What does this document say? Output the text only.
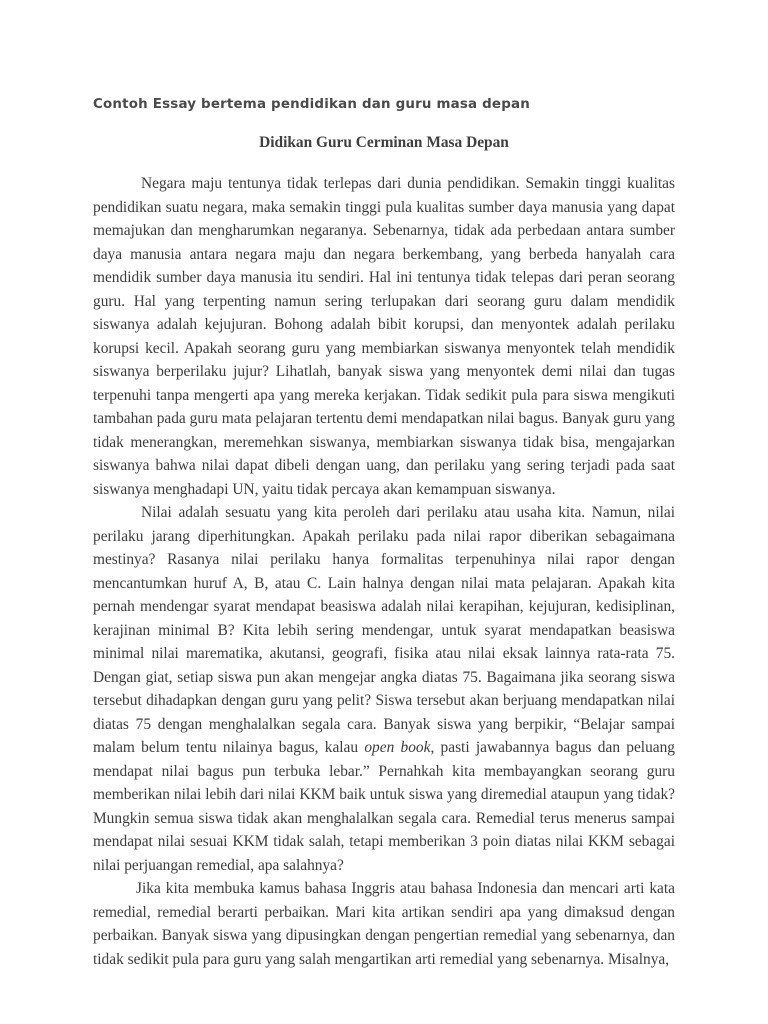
Contoh Essay bertema pendidikan dan guru masa depan
Didikan Guru Cerminan Masa Depan

Negara maju tentunya tidak terlepas dari dunia pendidikan. Semakin tinggi kualitas pendidikan suatu negara, maka semakin tinggi pula kualitas sumber daya manusia yang dapat memajukan dan mengharumkan negaranya. Sebenarnya, tidak ada perbedaan antara sumber daya manusia antara negara maju dan negara berkembang, yang berbeda hanyalah cara mendidik sumber daya manusia itu sendiri. Hal ini tentunya tidak telepas dari peran seorang guru. Hal yang terpenting namun sering terlupakan dari seorang guru dalam mendidik siswanya adalah kejujuran. Bohong adalah bibit korupsi, dan menyontek adalah perilaku korupsi kecil. Apakah seorang guru yang membiarkan siswanya menyontek telah mendidik siswanya berperilaku jujur? Lihatlah, banyak siswa yang menyontek demi nilai dan tugas terpenuhi tanpa mengerti apa yang mereka kerjakan. Tidak sedikit pula para siswa mengikuti tambahan pada guru mata pelajaran tertentu demi mendapatkan nilai bagus. Banyak guru yang tidak menerangkan, meremehkan siswanya, membiarkan siswanya tidak bisa, mengajarkan siswanya bahwa nilai dapat dibeli dengan uang, dan perilaku yang sering terjadi pada saat siswanya menghadapi UN, yaitu tidak percaya akan kemampuan siswanya.

Nilai adalah sesuatu yang kita peroleh dari perilaku atau usaha kita. Namun, nilai perilaku jarang diperhitungkan. Apakah perilaku pada nilai rapor diberikan sebagaimana mestinya? Rasanya nilai perilaku hanya formalitas terpenuhinya nilai rapor dengan mencantumkan huruf A, B, atau C. Lain halnya dengan nilai mata pelajaran. Apakah kita pernah mendengar syarat mendapat beasiswa adalah nilai kerapihan, kejujuran, kedisiplinan, kerajinan minimal B? Kita lebih sering mendengar, untuk syarat mendapatkan beasiswa minimal nilai marematika, akutansi, geografi, fisika atau nilai eksak lainnya rata-rata 75. Dengan giat, setiap siswa pun akan mengejar angka diatas 75. Bagaimana jika seorang siswa tersebut dihadapkan dengan guru yang pelit? Siswa tersebut akan berjuang mendapatkan nilai diatas 75 dengan menghalalkan segala cara. Banyak siswa yang berpikir, “Belajar sampai malam belum tentu nilainya bagus, kalau open book, pasti jawabannya bagus dan peluang mendapat nilai bagus pun terbuka lebar.” Pernahkah kita membayangkan seorang guru memberikan nilai lebih dari nilai KKM baik untuk siswa yang diremedial ataupun yang tidak? Mungkin semua siswa tidak akan menghalalkan segala cara. Remedial terus menerus sampai mendapat nilai sesuai KKM tidak salah, tetapi memberikan 3 poin diatas nilai KKM sebagai nilai perjuangan remedial, apa salahnya?

Jika kita membuka kamus bahasa Inggris atau bahasa Indonesia dan mencari arti kata remedial, remedial berarti perbaikan. Mari kita artikan sendiri apa yang dimaksud dengan perbaikan. Banyak siswa yang dipusingkan dengan pengertian remedial yang sebenarnya, dan tidak sedikit pula para guru yang salah mengartikan arti remedial yang sebenarnya. Misalnya,
